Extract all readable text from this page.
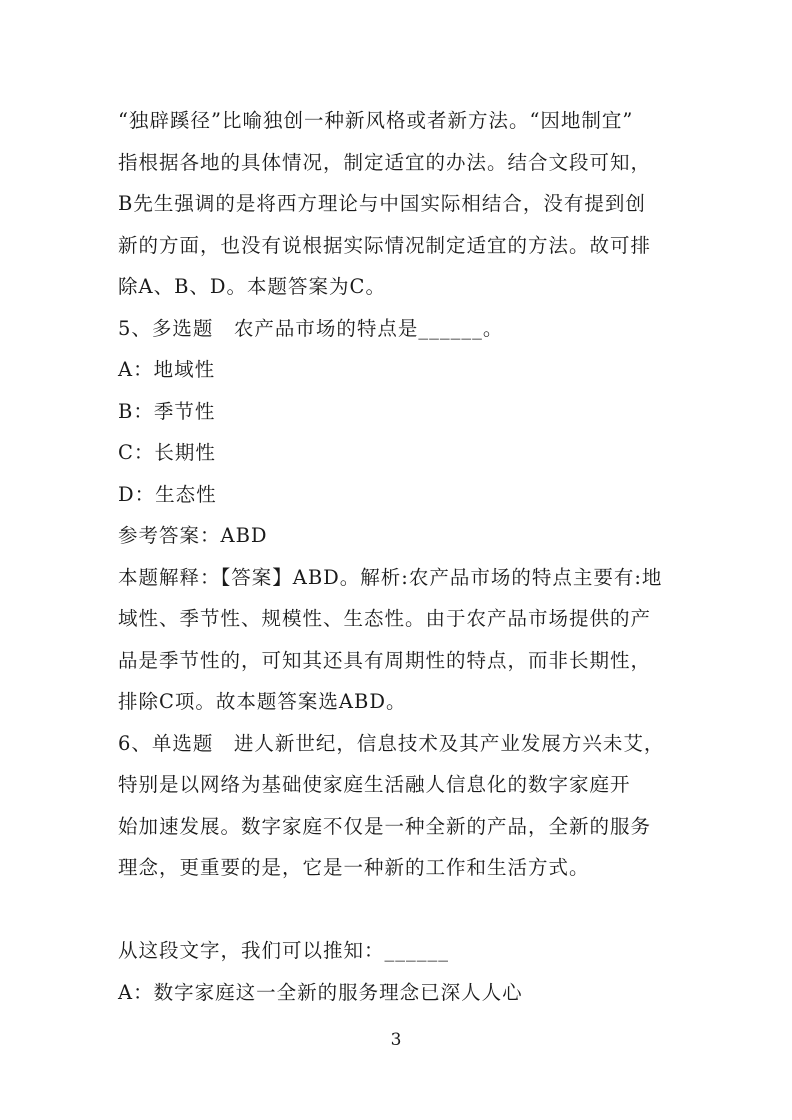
“独辟蹊径”比喻独创一种新风格或者新方法。“因地制宜”
指根据各地的具体情况，制定适宜的办法。结合文段可知，
B先生强调的是将西方理论与中国实际相结合，没有提到创
新的方面，也没有说根据实际情况制定适宜的方法。故可排
除A、B、D。本题答案为C。
5、多选题　农产品市场的特点是______。
A：地域性
B：季节性
C：长期性
D：生态性
参考答案：ABD
本题解释：【答案】ABD。解析:农产品市场的特点主要有:地
域性、季节性、规模性、生态性。由于农产品市场提供的产
品是季节性的，可知其还具有周期性的特点，而非长期性，
排除C项。故本题答案选ABD。
6、单选题　进人新世纪，信息技术及其产业发展方兴未艾，
特别是以网络为基础使家庭生活融人信息化的数字家庭开
始加速发展。数字家庭不仅是一种全新的产品，全新的服务
理念，更重要的是，它是一种新的工作和生活方式。
从这段文字，我们可以推知：______
A：数字家庭这一全新的服务理念已深人人心
3
